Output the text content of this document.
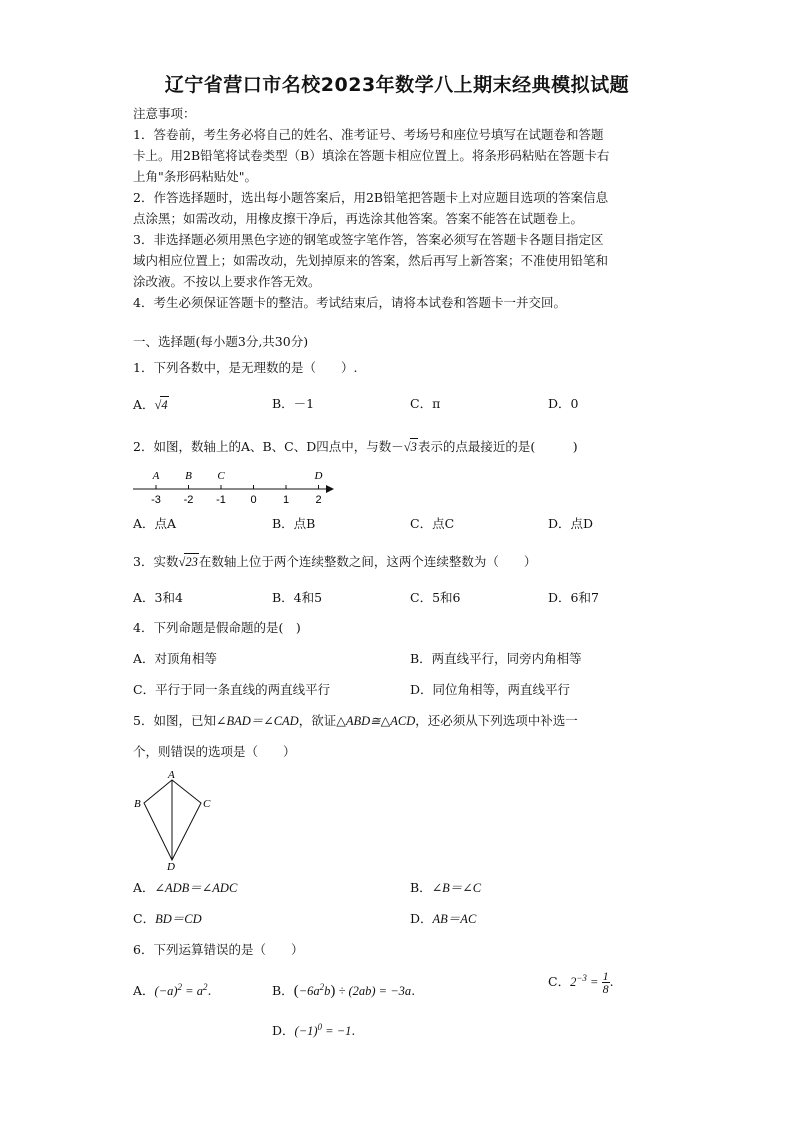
辽宁省营口市名校2023年数学八上期末经典模拟试题
注意事项：
1．答卷前，考生务必将自己的姓名、准考证号、考场号和座位号填写在试题卷和答题
卡上。用2B铅笔将试卷类型（B）填涂在答题卡相应位置上。将条形码粘贴在答题卡右
上角"条形码粘贴处"。
2．作答选择题时，选出每小题答案后，用2B铅笔把答题卡上对应题目选项的答案信息
点涂黑；如需改动，用橡皮擦干净后，再选涂其他答案。答案不能答在试题卷上。
3．非选择题必须用黑色字迹的钢笔或签字笔作答，答案必须写在答题卡各题目指定区
域内相应位置上；如需改动，先划掉原来的答案，然后再写上新答案；不准使用铅笔和
涂改液。不按以上要求作答无效。
4．考生必须保证答题卡的整洁。考试结束后，请将本试卷和答题卡一并交回。
一、选择题(每小题3分,共30分)
1．下列各数中，是无理数的是（　　）.
A．√4	B．－1	C．π	D．0
2．如图，数轴上的A、B、C、D四点中，与数－√3表示的点最接近的是(　　　)
-3 -2 -1 0 1 2
A B C	D
A．点A	B．点B	C．点C	D．点D
3．实数√23在数轴上位于两个连续整数之间，这两个连续整数为（　　）
A．3和4	B．4和5	C．5和6	D．6和7
4．下列命题是假命题的是(　)
A．对顶角相等	B．两直线平行，同旁内角相等
C．平行于同一条直线的两直线平行	D．同位角相等，两直线平行
5．如图，已知∠BAD＝∠CAD，欲证△ABD≅△ACD，还必须从下列选项中补选一
个，则错误的选项是（　　）
A
B	C
D
A．∠ADB＝∠ADC	B．∠B＝∠C
C．BD＝CD	D．AB＝AC
6．下列运算错误的是（　　）
A．$(-a)^2 = a^2$.	B．$(-6a^2b) \div (2ab) = -3a$.
C．$2^{-3} = \frac{1}{8}$ .
D．$(-1)^0 = -1$.
